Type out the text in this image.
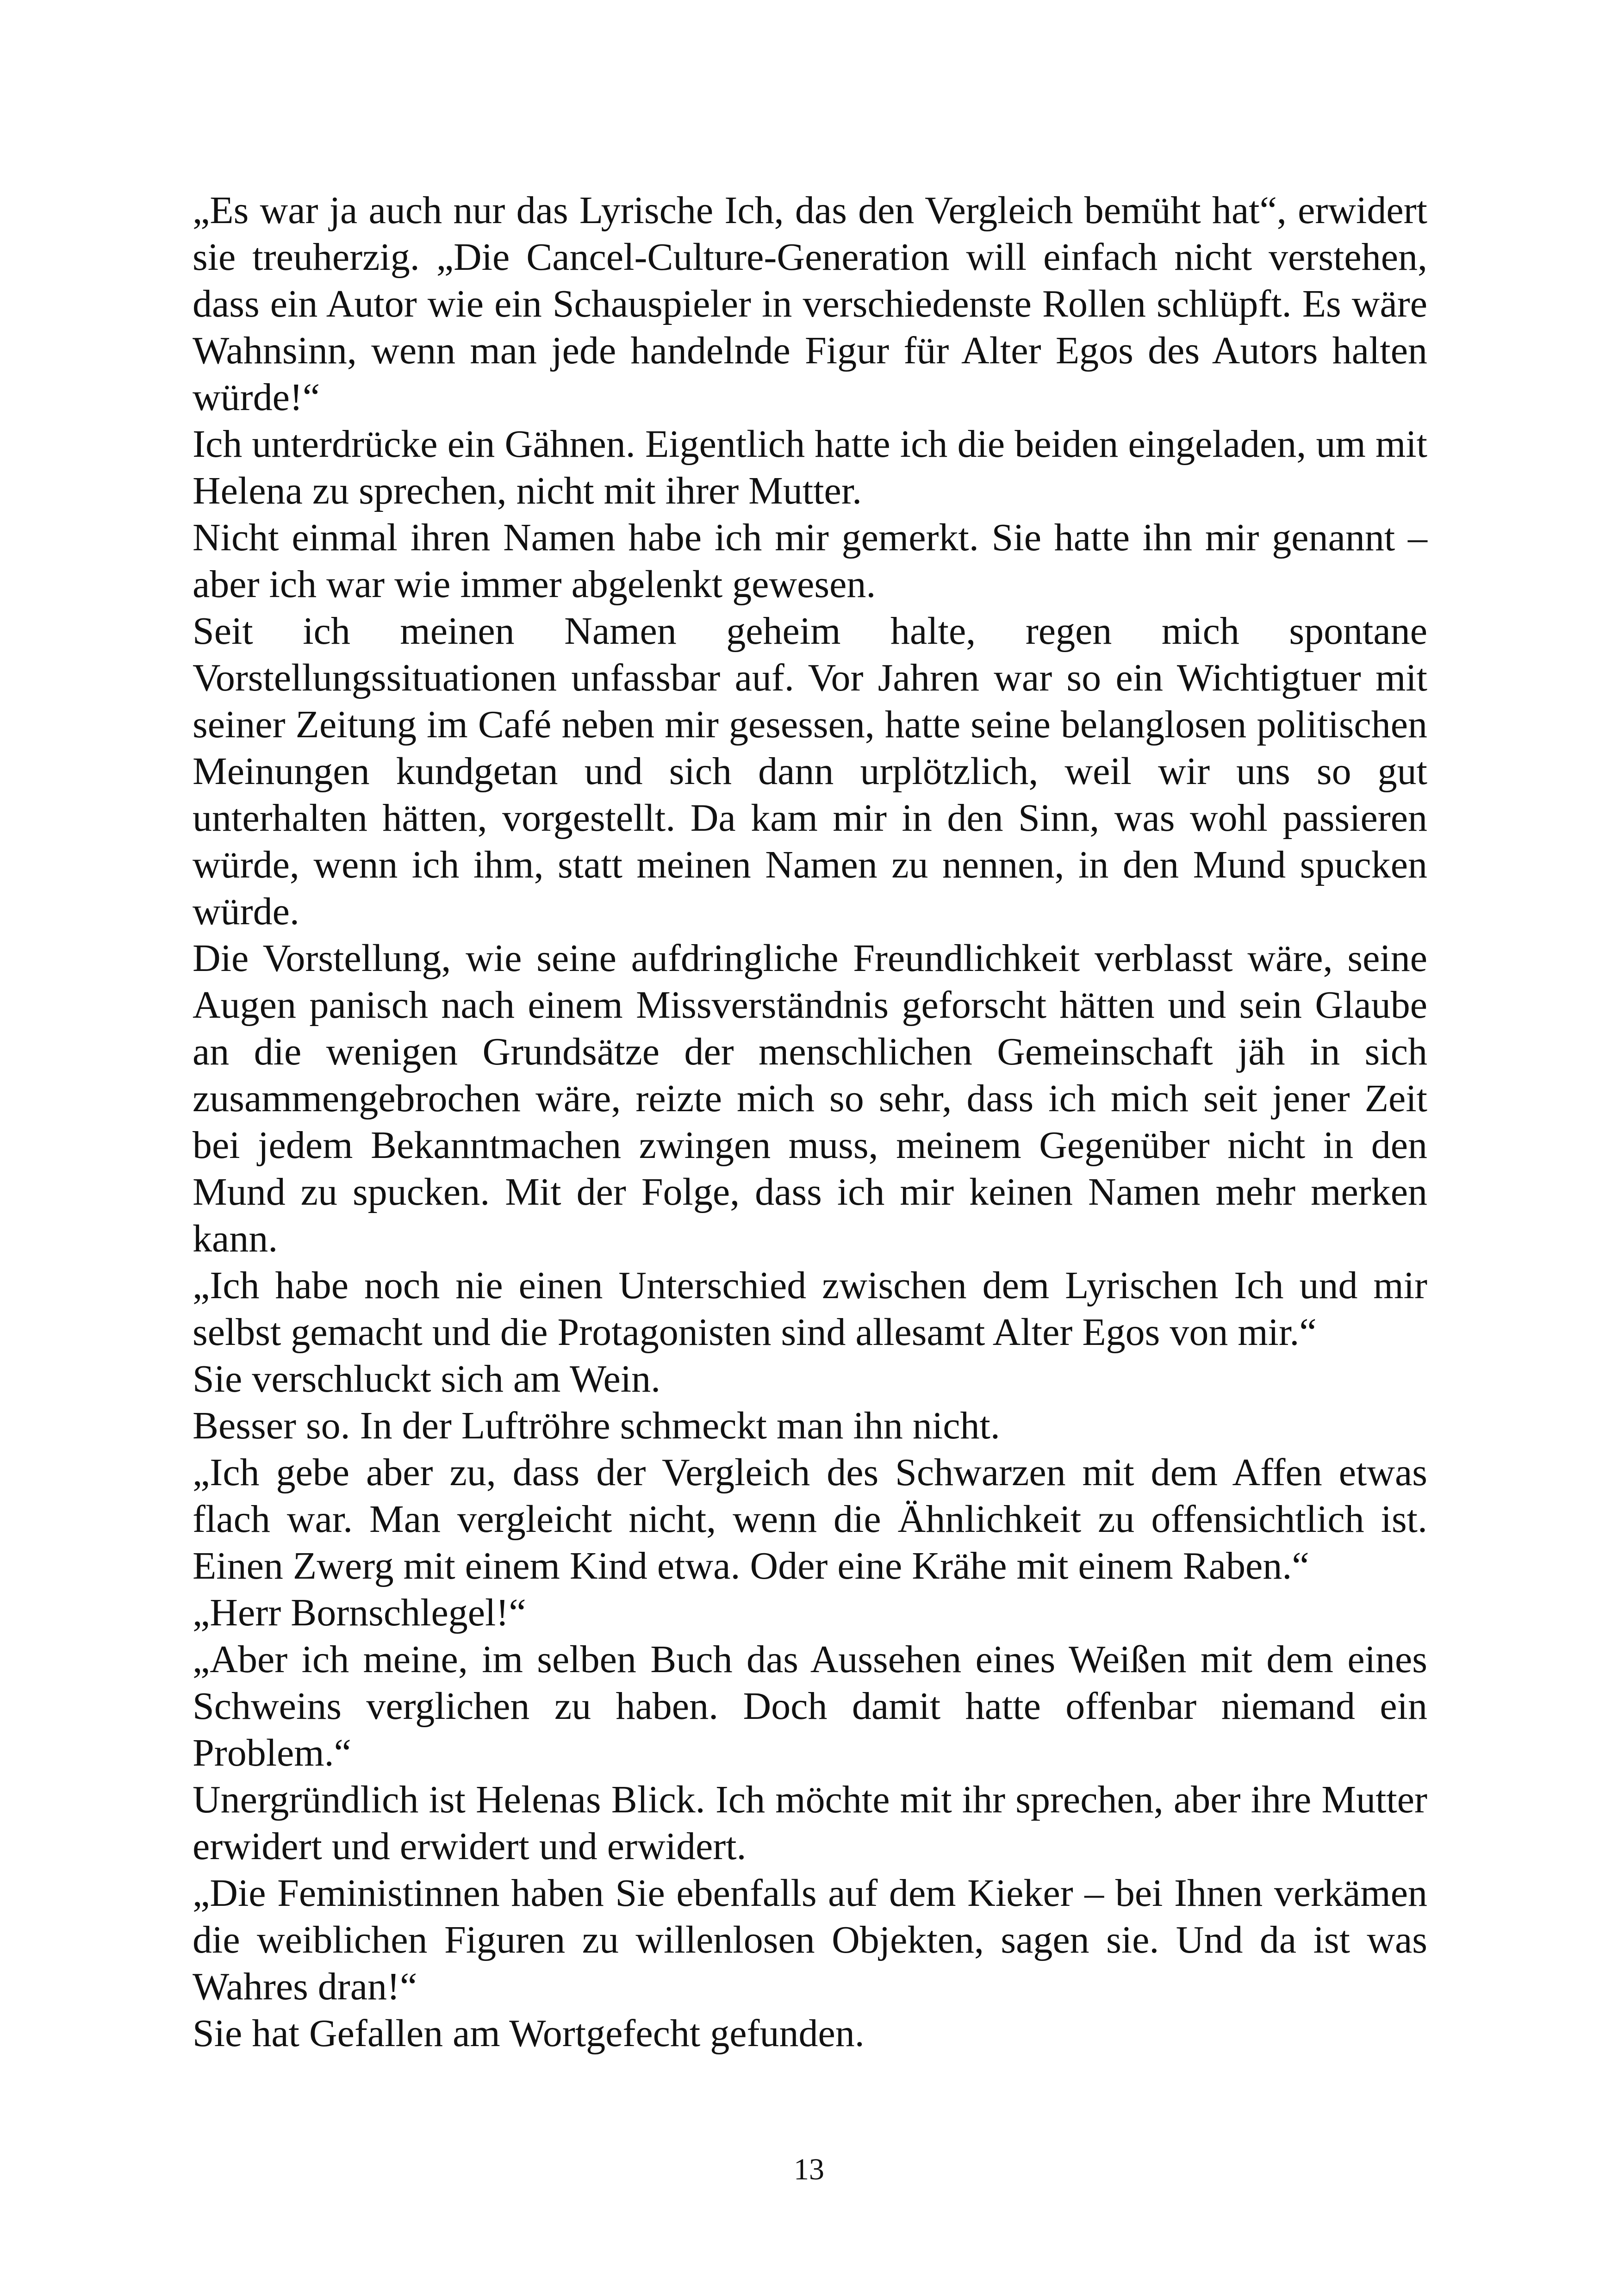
„Es war ja auch nur das Lyrische Ich, das den Vergleich bemüht hat“, erwidert sie treuherzig. „Die Cancel-Culture-Generation will einfach nicht verstehen, dass ein Autor wie ein Schauspieler in verschiedenste Rollen schlüpft. Es wäre Wahnsinn, wenn man jede handelnde Figur für Alter Egos des Autors halten würde!“

Ich unterdrücke ein Gähnen. Eigentlich hatte ich die beiden eingeladen, um mit Helena zu sprechen, nicht mit ihrer Mutter.

Nicht einmal ihren Namen habe ich mir gemerkt. Sie hatte ihn mir genannt – aber ich war wie immer abgelenkt gewesen.

Seit ich meinen Namen geheim halte, regen mich spontane Vorstellungssituationen unfassbar auf. Vor Jahren war so ein Wichtigtuer mit seiner Zeitung im Café neben mir gesessen, hatte seine belanglosen politischen Meinungen kundgetan und sich dann urplötzlich, weil wir uns so gut unterhalten hätten, vorgestellt. Da kam mir in den Sinn, was wohl passieren würde, wenn ich ihm, statt meinen Namen zu nennen, in den Mund spucken würde.

Die Vorstellung, wie seine aufdringliche Freundlichkeit verblasst wäre, seine Augen panisch nach einem Missverständnis geforscht hätten und sein Glaube an die wenigen Grundsätze der menschlichen Gemeinschaft jäh in sich zusammengebrochen wäre, reizte mich so sehr, dass ich mich seit jener Zeit bei jedem Bekanntmachen zwingen muss, meinem Gegenüber nicht in den Mund zu spucken. Mit der Folge, dass ich mir keinen Namen mehr merken kann.

„Ich habe noch nie einen Unterschied zwischen dem Lyrischen Ich und mir selbst gemacht und die Protagonisten sind allesamt Alter Egos von mir.“

Sie verschluckt sich am Wein.

Besser so. In der Luftröhre schmeckt man ihn nicht.

„Ich gebe aber zu, dass der Vergleich des Schwarzen mit dem Affen etwas flach war. Man vergleicht nicht, wenn die Ähnlichkeit zu offensichtlich ist. Einen Zwerg mit einem Kind etwa. Oder eine Krähe mit einem Raben.“

„Herr Bornschlegel!“

„Aber ich meine, im selben Buch das Aussehen eines Weißen mit dem eines Schweins verglichen zu haben. Doch damit hatte offenbar niemand ein Problem.“

Unergründlich ist Helenas Blick. Ich möchte mit ihr sprechen, aber ihre Mutter erwidert und erwidert und erwidert.

„Die Feministinnen haben Sie ebenfalls auf dem Kieker – bei Ihnen verkämen die weiblichen Figuren zu willenlosen Objekten, sagen sie. Und da ist was Wahres dran!“

Sie hat Gefallen am Wortgefecht gefunden.

13
